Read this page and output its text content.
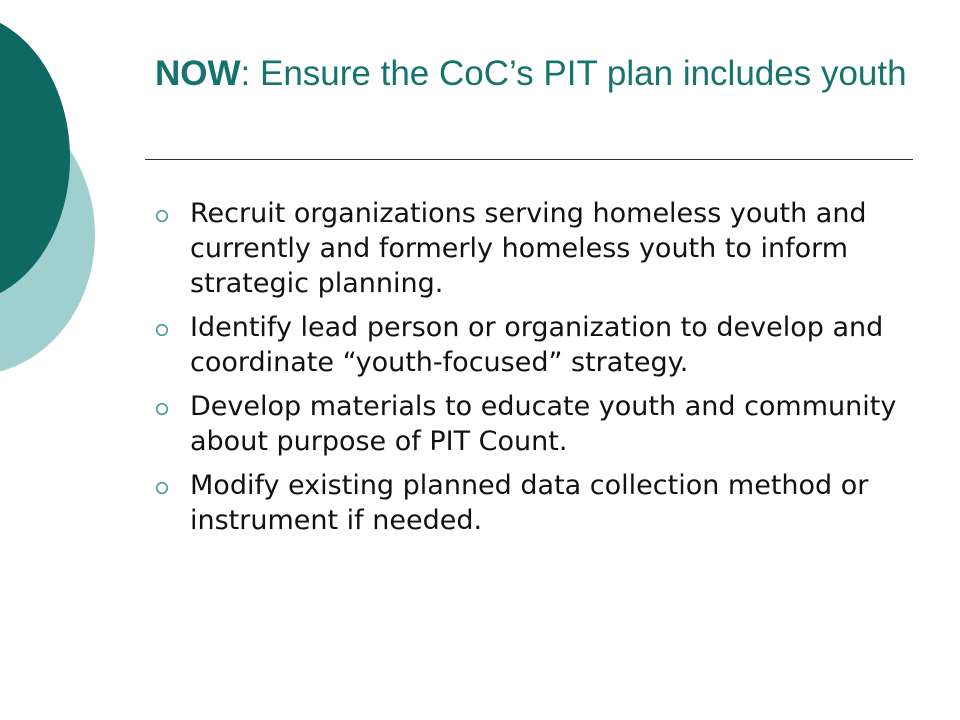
NOW: Ensure the CoC’s PIT plan includes youth
Recruit organizations serving homeless youth and currently and formerly homeless youth to inform strategic planning.
Identify lead person or organization to develop and coordinate “youth-focused” strategy.
Develop materials to educate youth and community about purpose of PIT Count.
Modify existing planned data collection method or instrument if needed.
